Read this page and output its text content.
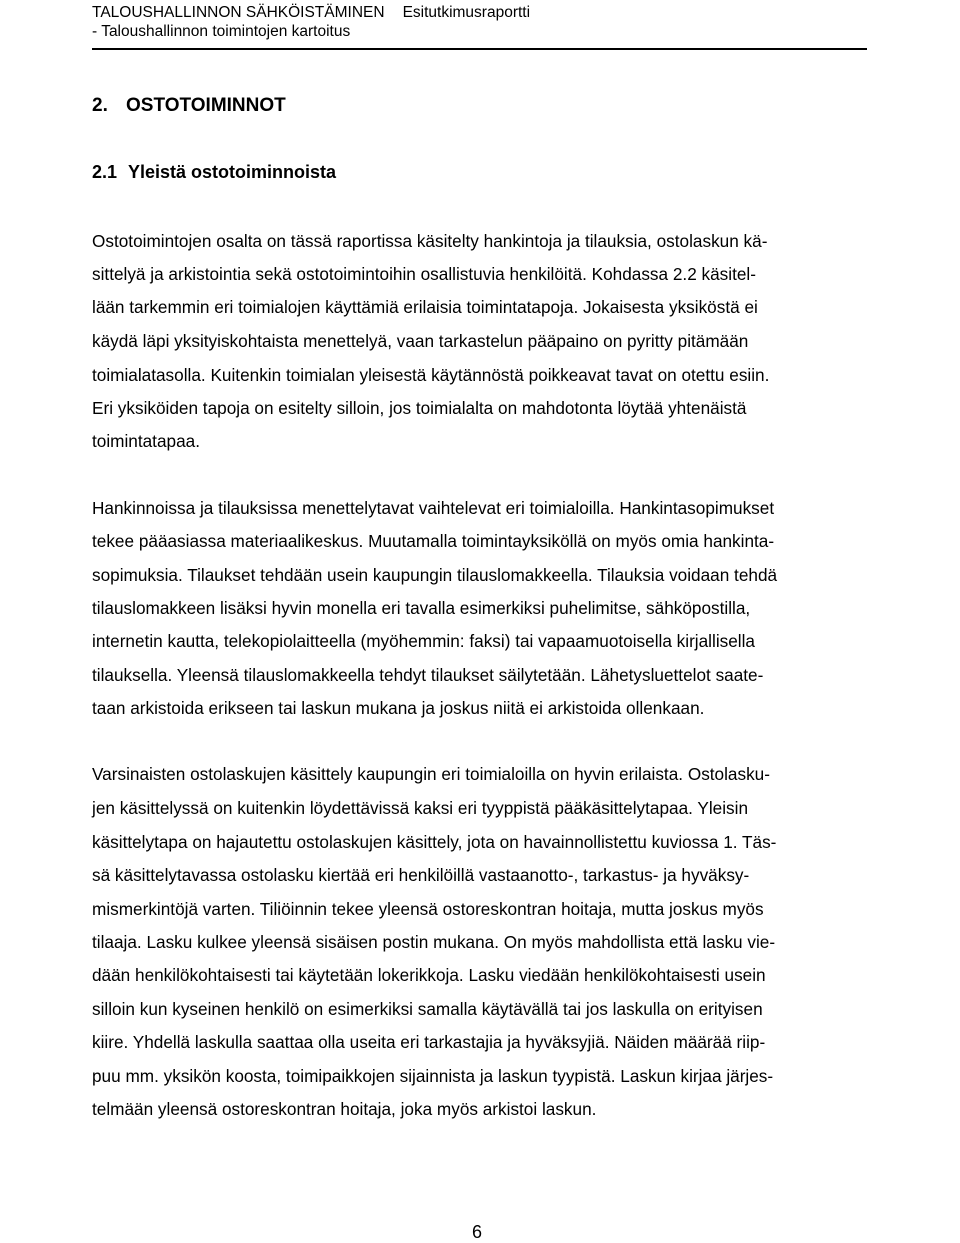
TALOUSHALLINNON SÄHKÖISTÄMINEN Esitutkimusraportti
- Taloushallinnon toimintojen kartoitus
2. OSTOTOIMINNOT
2.1 Yleistä ostotoiminnoista
Ostotoimintojen osalta on tässä raportissa käsitelty hankintoja ja tilauksia, ostolaskun kä-
sittelyä ja arkistointia sekä ostotoimintoihin osallistuvia henkilöitä. Kohdassa 2.2 käsitel-
lään tarkemmin eri toimialojen käyttämiä erilaisia toimintatapoja. Jokaisesta yksiköstä ei
käydä läpi yksityiskohtaista menettelyä, vaan tarkastelun pääpaino on pyritty pitämään
toimialatasolla. Kuitenkin toimialan yleisestä käytännöstä poikkeavat tavat on otettu esiin.
Eri yksiköiden tapoja on esitelty silloin, jos toimialalta on mahdotonta löytää yhtenäistä
toimintatapaa.
Hankinnoissa ja tilauksissa menettelytavat vaihtelevat eri toimialoilla. Hankintasopimukset
tekee pääasiassa materiaalikeskus. Muutamalla toimintayksiköllä on myös omia hankinta-
sopimuksia. Tilaukset tehdään usein kaupungin tilauslomakkeella. Tilauksia voidaan tehdä
tilauslomakkeen lisäksi hyvin monella eri tavalla esimerkiksi puhelimitse, sähköpostilla,
internetin kautta, telekopiolaitteella (myöhemmin: faksi) tai vapaamuotoisella kirjallisella
tilauksella. Yleensä tilauslomakkeella tehdyt tilaukset säilytetään. Lähetysluettelot saate-
taan arkistoida erikseen tai laskun mukana ja joskus niitä ei arkistoida ollenkaan.
Varsinaisten ostolaskujen käsittely kaupungin eri toimialoilla on hyvin erilaista. Ostolasku-
jen käsittelyssä on kuitenkin löydettävissä kaksi eri tyyppistä pääkäsittelytapaa. Yleisin
käsittelytapa on hajautettu ostolaskujen käsittely, jota on havainnollistettu kuviossa 1. Täs-
sä käsittelytavassa ostolasku kiertää eri henkilöillä vastaanotto-, tarkastus- ja hyväksy-
mismerkintöjä varten. Tiliöinnin tekee yleensä ostoreskontran hoitaja, mutta joskus myös
tilaaja. Lasku kulkee yleensä sisäisen postin mukana. On myös mahdollista että lasku vie-
dään henkilökohtaisesti tai käytetään lokerikkoja. Lasku viedään henkilökohtaisesti usein
silloin kun kyseinen henkilö on esimerkiksi samalla käytävällä tai jos laskulla on erityisen
kiire. Yhdellä laskulla saattaa olla useita eri tarkastajia ja hyväksyjiä. Näiden määrää riip-
puu mm. yksikön koosta, toimipaikkojen sijainnista ja laskun tyypistä. Laskun kirjaa järjes-
telmään yleensä ostoreskontran hoitaja, joka myös arkistoi laskun.
6
